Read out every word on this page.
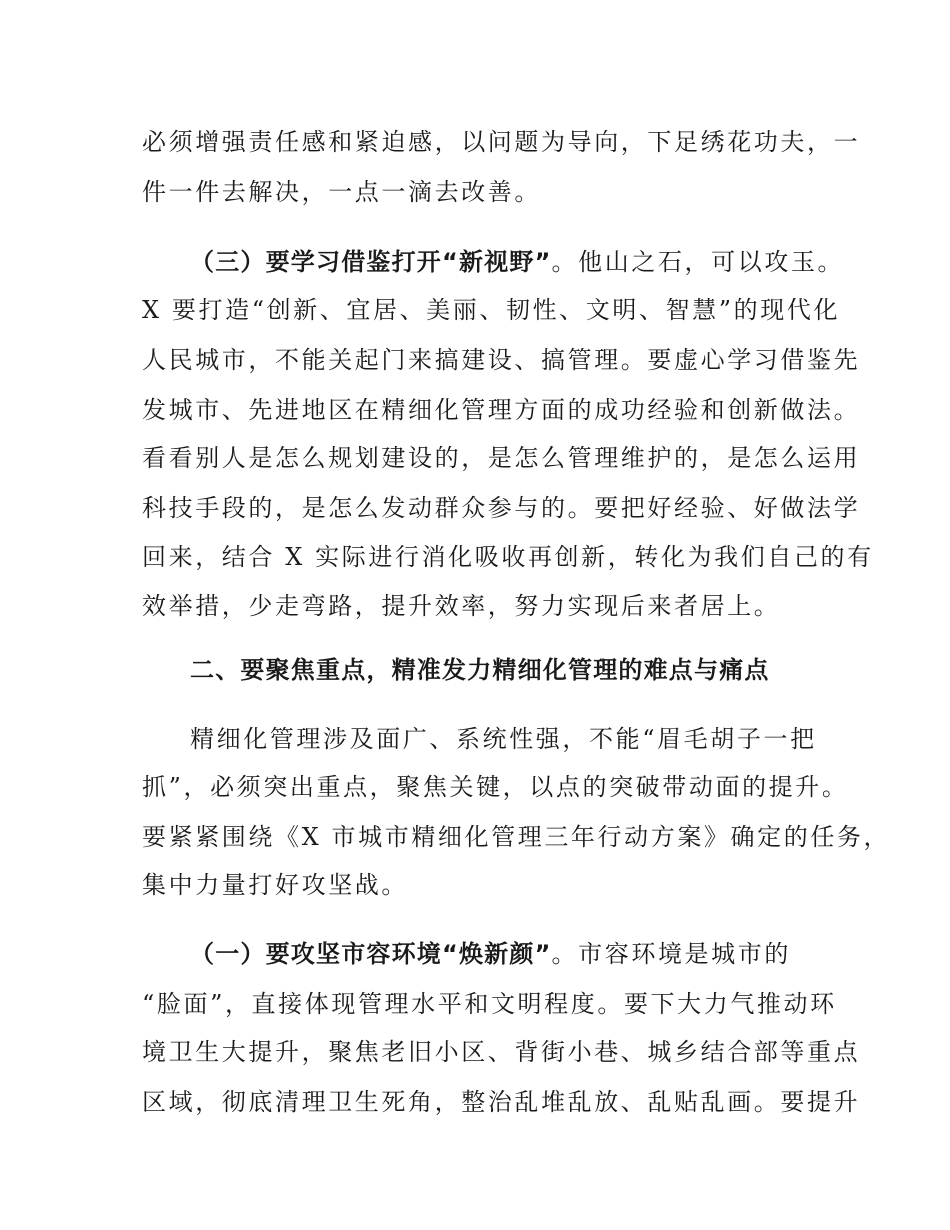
必须增强责任感和紧迫感，以问题为导向，下足绣花功夫，一
件一件去解决，一点一滴去改善。
（三）要学习借鉴打开“新视野”。他山之石，可以攻玉。
X 要打造“创新、宜居、美丽、韧性、文明、智慧”的现代化
人民城市，不能关起门来搞建设、搞管理。要虚心学习借鉴先
发城市、先进地区在精细化管理方面的成功经验和创新做法。
看看别人是怎么规划建设的，是怎么管理维护的，是怎么运用
科技手段的，是怎么发动群众参与的。要把好经验、好做法学
回来，结合 X 实际进行消化吸收再创新，转化为我们自己的有
效举措，少走弯路，提升效率，努力实现后来者居上。
二、要聚焦重点，精准发力精细化管理的难点与痛点
精细化管理涉及面广、系统性强，不能“眉毛胡子一把
抓”，必须突出重点，聚焦关键，以点的突破带动面的提升。
要紧紧围绕《X 市城市精细化管理三年行动方案》确定的任务，
集中力量打好攻坚战。
（一）要攻坚市容环境“焕新颜”。市容环境是城市的
“脸面”，直接体现管理水平和文明程度。要下大力气推动环
境卫生大提升，聚焦老旧小区、背街小巷、城乡结合部等重点
区域，彻底清理卫生死角，整治乱堆乱放、乱贴乱画。要提升
